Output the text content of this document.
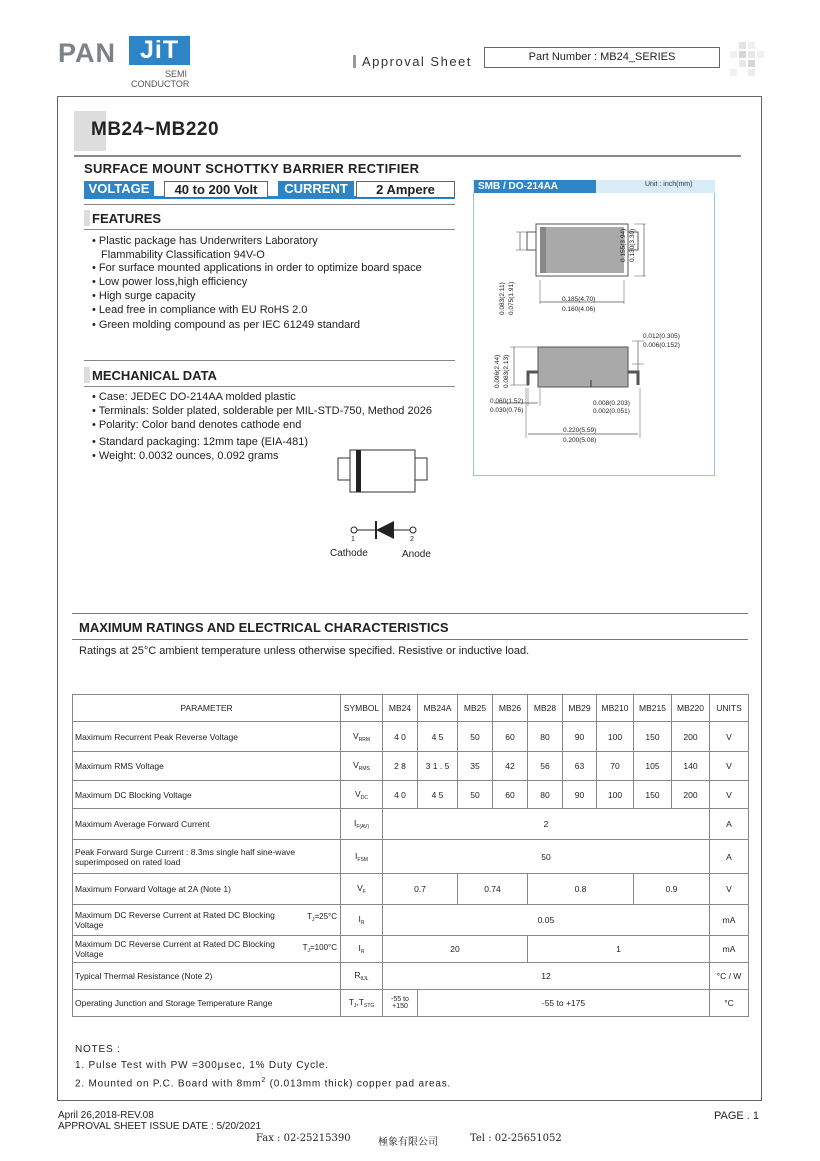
PAN JiT
SEMI
CONDUCTOR
Approval Sheet	Part Number : MB24_SERIES
MB24~MB220
SURFACE MOUNT SCHOTTKY BARRIER RECTIFIER
VOLTAGE	40 to 200 Volt	CURRENT	2 Ampere
FEATURES
• Plastic package has Underwriters Laboratory
Flammability Classification 94V-O
• For surface mounted applications in order to optimize board space
• Low power loss,high efficiency
• High surge capacity
• Lead free in compliance with EU RoHS 2.0
• Green molding compound as per IEC 61249 standard
MECHANICAL DATA
• Case: JEDEC DO-214AA molded plastic
• Terminals: Solder plated, solderable per MIL-STD-750, Method 2026
• Polarity: Color band denotes cathode end
• Standard packaging: 12mm tape (EIA-481)
• Weight: 0.0032 ounces, 0.092 grams
1	2
Cathode	Anode
SMB / DO-214AA	Unit : inch(mm)
0.155(3.94) 0.130(3.30)
0.083(2.11) 0.075(1.91)	0.185(4.70)
0.160(4.06)
0.012(0.305)
0.006(0.152)
0.096(2.44) 0.083(2.13)
0.060(1.52)
0.030(0.76)
0.008(0.203)
0.002(0.051)
0.220(5.59)
0.200(5.08)
MAXIMUM RATINGS AND ELECTRICAL CHARACTERISTICS
Ratings at 25°C ambient temperature unless otherwise specified. Resistive or inductive load.
PARAMETER	SYMBOL	MB24	MB24A	MB25	MB26	MB28	MB29	MB210	MB215	MB220	UNITS
Maximum Recurrent Peak Reverse Voltage	$V_{RRM}$	4 0	4 5	50	60	80	90	100	150	200	V
Maximum RMS Voltage	$V_{RMS}$	2 8	3 1 . 5	35	42	56	63	70	105	140	V
Maximum DC Blocking Voltage	$V_{DC}$	4 0	4 5	50	60	80	90	100	150	200	V
Maximum Average Forward Current	$I_{F(AV)}$	2									A

Peak Forward Surge Current : 8.3ms single half sine-wave
superimposed on rated load	$I_{FSM}$	50									A
Maximum Forward Voltage at 2A (Note 1)	$V_F$	0.7		0.74		0.8			0.9		V

Maximum DC Reverse Current at Rated DC Blocking
Voltage
$T_J=25^\circ C$	$I_R$	0.05									mA

Maximum DC Reverse Current at Rated DC Blocking
Voltage
$T_J=100^\circ C$	$I_R$	20				1					mA
Typical Thermal Resistance (Note 2)	$R_{\theta JL}$	12									°C / W
Operating Junction and Storage Temperature Range	$T_J,T_{STG}$	-55 to +150	-55 to +175								°C
NOTES :
1. Pulse Test with PW =300μsec, 1% Duty Cycle.
2. Mounted on P.C. Board with $8mm^2$ (0.013mm thick) copper pad areas.
April 26,2018-REV.08
APPROVAL SHEET ISSUE DATE : 5/20/2021
PAGE . 1
Fax : 02-25215390	極象有限公司	Tel : 02-25651052
